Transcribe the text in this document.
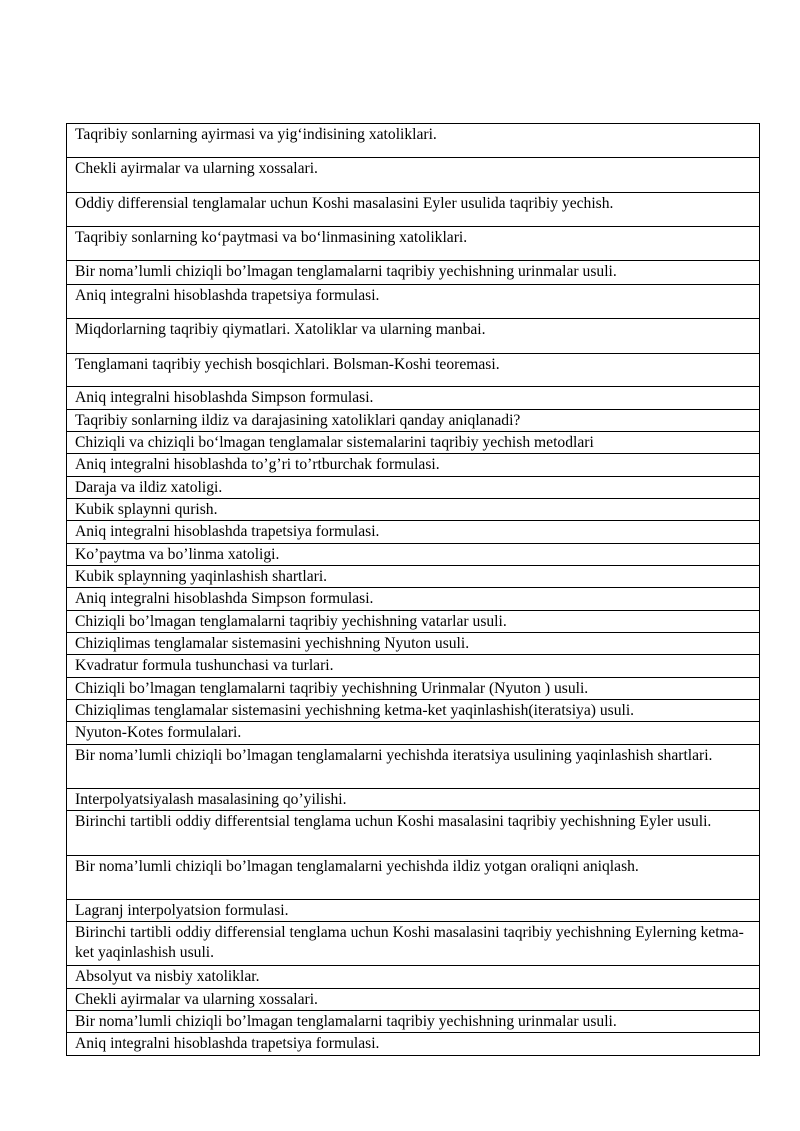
Taqribiy sonlarning ayirmasi va yig‘indisining xatoliklari.
Chekli ayirmalar va ularning xossalari.
Oddiy differensial tenglamalar uchun Koshi masalasini Eyler usulida taqribiy yechish.
Taqribiy sonlarning ko‘paytmasi va bo‘linmasining xatoliklari.
Bir noma’lumli chiziqli bo’lmagan tenglamalarni taqribiy yechishning urinmalar usuli.
Aniq integralni hisoblashda trapetsiya formulasi.
Miqdorlarning taqribiy qiymatlari. Xatoliklar va ularning manbai.
Tenglamani taqribiy yechish bosqichlari. Bolsman-Koshi teoremasi.
Aniq integralni hisoblashda Simpson formulasi.
Taqribiy sonlarning ildiz va darajasining xatoliklari qanday aniqlanadi?
Chiziqli va chiziqli bo‘lmagan tenglamalar sistemalarini taqribiy yechish metodlari
Aniq integralni hisoblashda to’g’ri to’rtburchak formulasi.
Daraja va ildiz xatoligi.
Kubik splaynni qurish.
Aniq integralni hisoblashda trapetsiya formulasi.
Ko’paytma va bo’linma xatoligi.
Kubik splaynning yaqinlashish shartlari.
Aniq integralni hisoblashda Simpson formulasi.
Chiziqli bo’lmagan tenglamalarni taqribiy yechishning vatarlar usuli.
Chiziqlimas tenglamalar sistemasini yechishning Nyuton usuli.
Kvadratur formula tushunchasi va turlari.
Chiziqli bo’lmagan tenglamalarni taqribiy yechishning Urinmalar (Nyuton ) usuli.
Chiziqlimas tenglamalar sistemasini yechishning ketma-ket yaqinlashish(iteratsiya) usuli.
Nyuton-Kotes formulalari.
Bir noma’lumli chiziqli bo’lmagan tenglamalarni yechishda iteratsiya usulining yaqinlashish shartlari.
Interpolyatsiyalash masalasining qo’yilishi.
Birinchi tartibli oddiy differentsial tenglama uchun Koshi masalasini taqribiy yechishning Eyler usuli.
Bir noma’lumli chiziqli bo’lmagan tenglamalarni yechishda ildiz yotgan oraliqni aniqlash.
Lagranj interpolyatsion formulasi.
Birinchi tartibli oddiy differensial tenglama uchun Koshi masalasini taqribiy yechishning Eylerning ketma-ket yaqinlashish usuli.
Absolyut va nisbiy xatoliklar.
Chekli ayirmalar va ularning xossalari.
Bir noma’lumli chiziqli bo’lmagan tenglamalarni taqribiy yechishning urinmalar usuli.
Aniq integralni hisoblashda trapetsiya formulasi.
